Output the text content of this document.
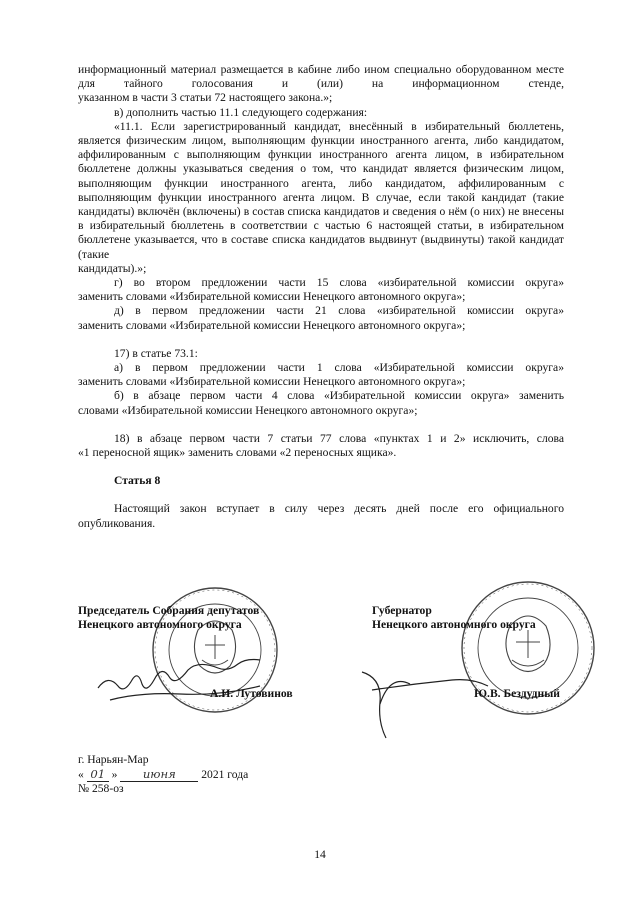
информационный материал размещается в кабине либо ином специально оборудованном месте для тайного голосования и (или) на информационном стенде,

указанном в части 3 статьи 72 настоящего закона.»;

в) дополнить частью 11.1 следующего содержания:

«11.1. Если зарегистрированный кандидат, внесённый в избирательный бюллетень, является физическим лицом, выполняющим функции иностранного агента, либо кандидатом, аффилированным с выполняющим функции иностранного агента лицом, в избирательном бюллетене должны указываться сведения о том, что кандидат является физическим лицом, выполняющим функции иностранного агента, либо кандидатом, аффилированным с выполняющим функции иностранного агента лицом. В случае, если такой кандидат (такие кандидаты) включён (включены) в состав списка кандидатов и сведения о нём (о них) не внесены в избирательный бюллетень в соответствии с частью 6 настоящей статьи, в избирательном бюллетене указывается, что в составе списка кандидатов выдвинут (выдвинуты) такой кандидат (такие

кандидаты).»;

г) во втором предложении части 15 слова «избирательной комиссии округа»

заменить словами «Избирательной комиссии Ненецкого автономного округа»;

д) в первом предложении части 21 слова «избирательной комиссии округа»

заменить словами «Избирательной комиссии Ненецкого автономного округа»;

17) в статье 73.1:

а) в первом предложении части 1 слова «Избирательной комиссии округа»

заменить словами «Избирательной комиссии Ненецкого автономного округа»;

б) в абзаце первом части 4 слова «Избирательной комиссии округа» заменить

словами «Избирательной комиссии Ненецкого автономного округа»;

18) в абзаце первом части 7 статьи 77 слова «пунктах 1 и 2» исключить, слова

«1 переносной ящик» заменить словами «2 переносных ящика».

Статья 8

Настоящий закон вступает в силу через десять дней после его официального

опубликования.

Председатель Собрания депутатов
Ненецкого автономного округа
А.И. Лутовинов
Губернатор
Ненецкого автономного округа
Ю.В. Бездудный
г. Нарьян-Мар
« 01 » июня 2021 года
№ 258-оз
14
